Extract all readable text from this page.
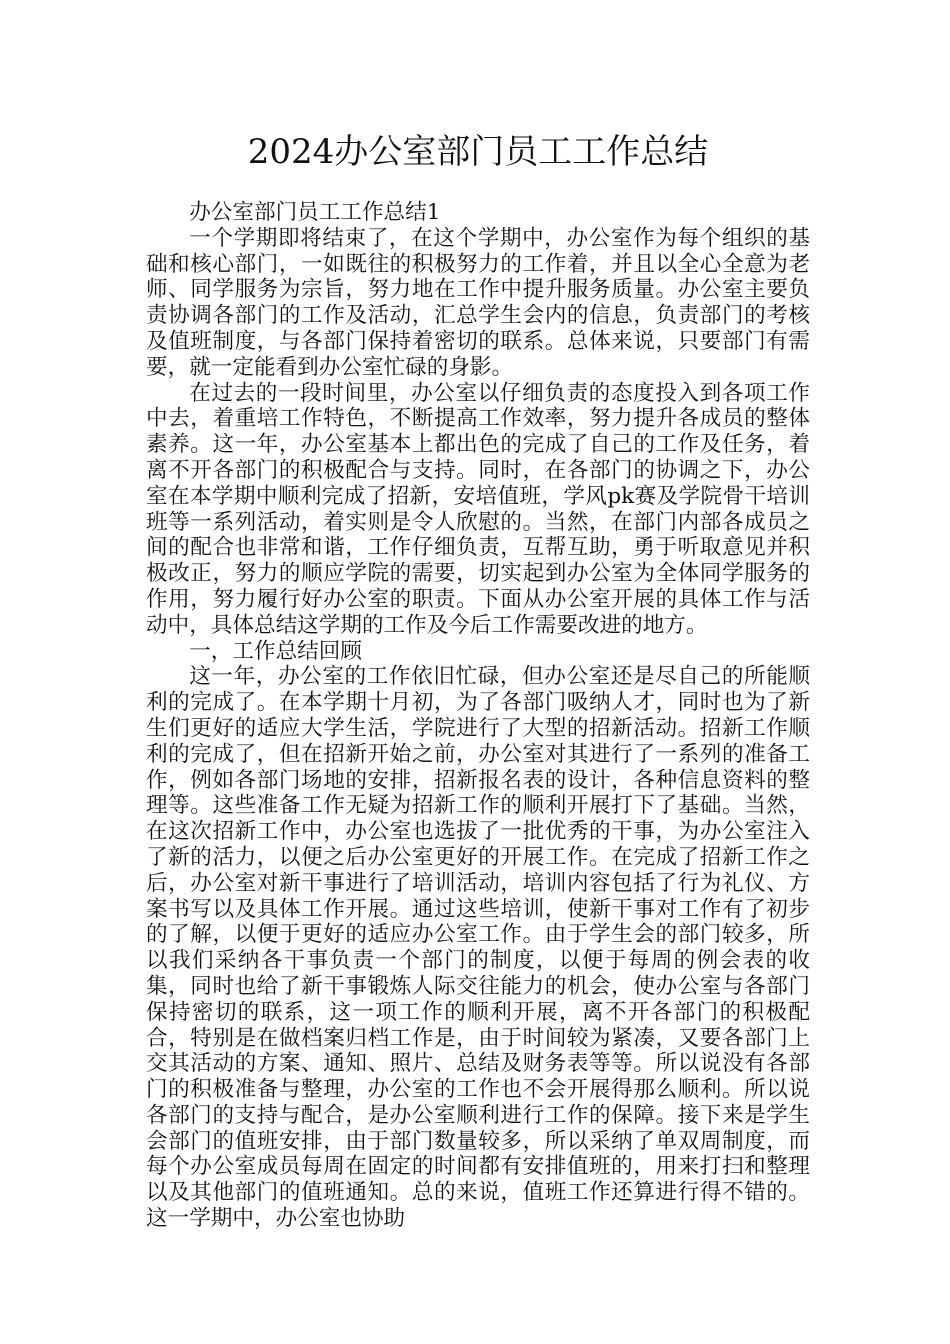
2024办公室部门员工工作总结

办公室部门员工工作总结1

一个学期即将结束了，在这个学期中，办公室作为每个组织的基础和核心部门，一如既往的积极努力的工作着，并且以全心全意为老师、同学服务为宗旨，努力地在工作中提升服务质量。办公室主要负责协调各部门的工作及活动，汇总学生会内的信息，负责部门的考核及值班制度，与各部门保持着密切的联系。总体来说，只要部门有需要，就一定能看到办公室忙碌的身影。

在过去的一段时间里，办公室以仔细负责的态度投入到各项工作中去，着重培工作特色，不断提高工作效率，努力提升各成员的整体素养。这一年，办公室基本上都出色的完成了自己的工作及任务，着离不开各部门的积极配合与支持。同时，在各部门的协调之下，办公室在本学期中顺利完成了招新，安培值班，学风pk赛及学院骨干培训班等一系列活动，着实则是令人欣慰的。当然，在部门内部各成员之间的配合也非常和谐，工作仔细负责，互帮互助，勇于听取意见并积极改正，努力的顺应学院的需要，切实起到办公室为全体同学服务的作用，努力履行好办公室的职责。下面从办公室开展的具体工作与活动中，具体总结这学期的工作及今后工作需要改进的地方。

一，工作总结回顾

这一年，办公室的工作依旧忙碌，但办公室还是尽自己的所能顺利的完成了。在本学期十月初，为了各部门吸纳人才，同时也为了新生们更好的适应大学生活，学院进行了大型的招新活动。招新工作顺利的完成了，但在招新开始之前，办公室对其进行了一系列的准备工作，例如各部门场地的安排，招新报名表的设计，各种信息资料的整理等。这些准备工作无疑为招新工作的顺利开展打下了基础。当然，在这次招新工作中，办公室也选拔了一批优秀的干事，为办公室注入了新的活力，以便之后办公室更好的开展工作。在完成了招新工作之后，办公室对新干事进行了培训活动，培训内容包括了行为礼仪、方案书写以及具体工作开展。通过这些培训，使新干事对工作有了初步的了解，以便于更好的适应办公室工作。由于学生会的部门较多，所以我们采纳各干事负责一个部门的制度，以便于每周的例会表的收集，同时也给了新干事锻炼人际交往能力的机会，使办公室与各部门保持密切的联系，这一项工作的顺利开展，离不开各部门的积极配合，特别是在做档案归档工作是，由于时间较为紧凑，又要各部门上交其活动的方案、通知、照片、总结及财务表等等。所以说没有各部门的积极准备与整理，办公室的工作也不会开展得那么顺利。所以说各部门的支持与配合，是办公室顺利进行工作的保障。接下来是学生会部门的值班安排，由于部门数量较多，所以采纳了单双周制度，而每个办公室成员每周在固定的时间都有安排值班的，用来打扫和整理以及其他部门的值班通知。总的来说，值班工作还算进行得不错的。这一学期中，办公室也协助
